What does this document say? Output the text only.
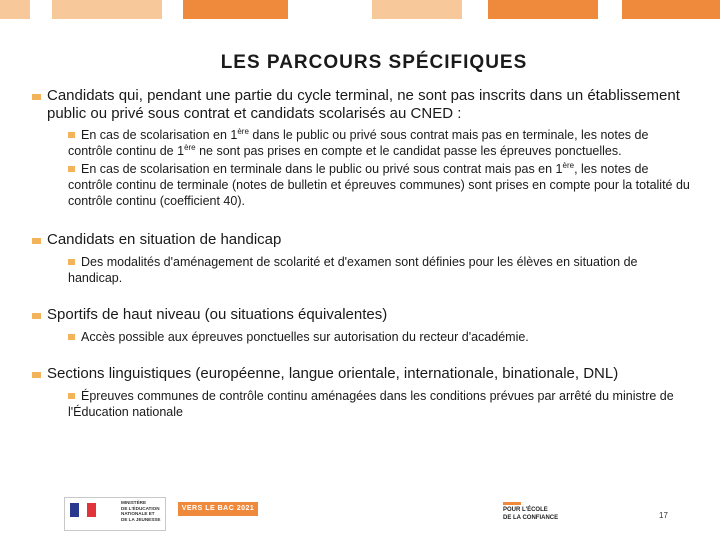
LES PARCOURS SPÉCIFIQUES

Candidats qui, pendant une partie du cycle terminal, ne sont pas inscrits dans un établissement public ou privé sous contrat et candidats scolarisés au CNED :

En cas de scolarisation en 1ère dans le public ou privé sous contrat mais pas en terminale, les notes de contrôle continu de 1ère ne sont pas prises en compte et le candidat passe les épreuves ponctuelles.

En cas de scolarisation en terminale dans le public ou privé sous contrat mais pas en 1ère, les notes de contrôle continu de terminale (notes de bulletin et épreuves communes) sont prises en compte pour la totalité du contrôle continu (coefficient 40).

Candidats en situation de handicap

Des modalités d'aménagement de scolarité et d'examen sont définies pour les élèves en situation de handicap.

Sportifs de haut niveau (ou situations équivalentes)

Accès possible aux épreuves ponctuelles sur autorisation du recteur d'académie.

Sections linguistiques (européenne, langue orientale, internationale, binationale, DNL)

Épreuves communes de contrôle continu aménagées dans les conditions prévues par arrêté du ministre de l'Éducation nationale

MINISTÈRE
DE L'ÉDUCATION
NATIONALE ET
DE LA JEUNESSE
VERS LE BAC 2021	POUR L'ÉCOLE
DE LA CONFIANCE	17
